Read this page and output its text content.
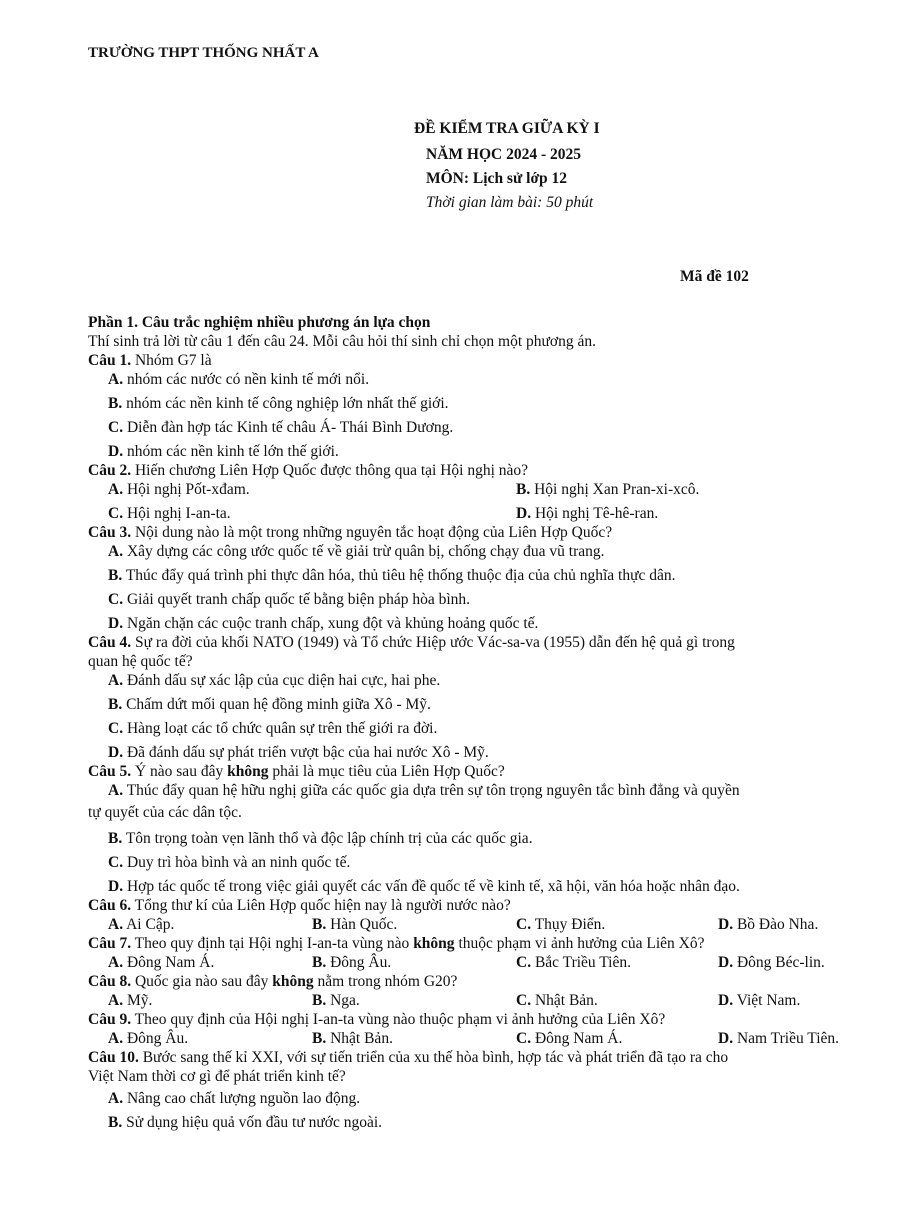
TRƯỜNG THPT THỐNG NHẤT A
ĐỀ KIỂM TRA GIỮA KỲ I
NĂM HỌC 2024 - 2025
MÔN: Lịch sử lớp 12
Thời gian làm bài: 50 phút
Mã đề 102
Phần 1. Câu trắc nghiệm nhiều phương án lựa chọn
Thí sinh trả lời từ câu 1 đến câu 24. Mỗi câu hỏi thí sinh chỉ chọn một phương án.
Câu 1. Nhóm G7 là
A. nhóm các nước có nền kinh tế mới nổi.
B. nhóm các nền kinh tế công nghiệp lớn nhất thế giới.
C. Diễn đàn hợp tác Kinh tế châu Á- Thái Bình Dương.
D. nhóm các nền kinh tế lớn thế giới.
Câu 2. Hiến chương Liên Hợp Quốc được thông qua tại Hội nghị nào?
A. Hội nghị Pốt-xđam.	B. Hội nghị Xan Pran-xi-xcô.
C. Hội nghị I-an-ta.	D. Hội nghị Tê-hê-ran.
Câu 3. Nội dung nào là một trong những nguyên tắc hoạt động của Liên Hợp Quốc?
A. Xây dựng các công ước quốc tế về giải trừ quân bị, chống chạy đua vũ trang.
B. Thúc đẩy quá trình phi thực dân hóa, thủ tiêu hệ thống thuộc địa của chủ nghĩa thực dân.
C. Giải quyết tranh chấp quốc tế bằng biện pháp hòa bình.
D. Ngăn chặn các cuộc tranh chấp, xung đột và khủng hoảng quốc tế.
Câu 4. Sự ra đời của khối NATO (1949) và Tổ chức Hiệp ước Vác-sa-va (1955) dẫn đến hệ quả gì trong
quan hệ quốc tế?
A. Đánh dấu sự xác lập của cục diện hai cực, hai phe.
B. Chấm dứt mối quan hệ đồng minh giữa Xô - Mỹ.
C. Hàng loạt các tổ chức quân sự trên thế giới ra đời.
D. Đã đánh dấu sự phát triển vượt bậc của hai nước Xô - Mỹ.
Câu 5. Ý nào sau đây không phải là mục tiêu của Liên Hợp Quốc?
A. Thúc đẩy quan hệ hữu nghị giữa các quốc gia dựa trên sự tôn trọng nguyên tắc bình đẳng và quyền
tự quyết của các dân tộc.
B. Tôn trọng toàn vẹn lãnh thổ và độc lập chính trị của các quốc gia.
C. Duy trì hòa bình và an ninh quốc tế.
D. Hợp tác quốc tế trong việc giải quyết các vấn đề quốc tế về kinh tế, xã hội, văn hóa hoặc nhân đạo.
Câu 6. Tổng thư kí của Liên Hợp quốc hiện nay là người nước nào?
A. Ai Cập.	B. Hàn Quốc.	C. Thụy Điển.	D. Bồ Đào Nha.
Câu 7. Theo quy định tại Hội nghị I-an-ta vùng nào không thuộc phạm vi ảnh hưởng của Liên Xô?
A. Đông Nam Á.	B. Đông Âu.	C. Bắc Triều Tiên.	D. Đông Béc-lin.
Câu 8. Quốc gia nào sau đây không nằm trong nhóm G20?
A. Mỹ.	B. Nga.	C. Nhật Bản.	D. Việt Nam.
Câu 9. Theo quy định của Hội nghị I-an-ta vùng nào thuộc phạm vi ảnh hưởng của Liên Xô?
A. Đông Âu.	B. Nhật Bản.	C. Đông Nam Á.	D. Nam Triều Tiên.
Câu 10. Bước sang thế kỉ XXI, với sự tiến triển của xu thế hòa bình, hợp tác và phát triển đã tạo ra cho
Việt Nam thời cơ gì để phát triển kinh tế?
A. Nâng cao chất lượng nguồn lao động.
B. Sử dụng hiệu quả vốn đầu tư nước ngoài.
